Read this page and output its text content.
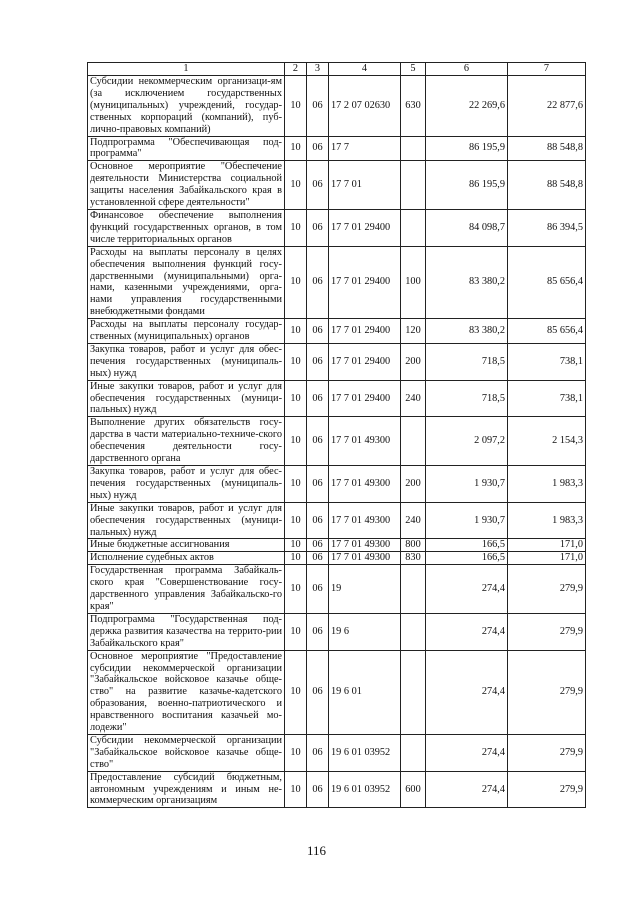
1	2	3	4	5	6	7
Субсидии некоммерческим организаци-ям (за исключением государственных (муниципальных) учреждений, государ-ственных корпораций (компаний), пуб-лично-правовых компаний)	10	06	17 2 07 02630	630	22 269,6	22 877,6
Подпрограмма "Обеспечивающая под-программа"	10	06	17 7		86 195,9	88 548,8
Основное мероприятие "Обеспечение деятельности Министерства социальной защиты населения Забайкальского края в установленной сфере деятельности"	10	06	17 7 01		86 195,9	88 548,8
Финансовое обеспечение выполнения функций государственных органов, в том числе территориальных органов	10	06	17 7 01 29400		84 098,7	86 394,5
Расходы на выплаты персоналу в целях обеспечения выполнения функций госу-дарственными (муниципальными) орга-нами, казенными учреждениями, орга-нами управления государственными внебюджетными фондами	10	06	17 7 01 29400	100	83 380,2	85 656,4
Расходы на выплаты персоналу государ-ственных (муниципальных) органов	10	06	17 7 01 29400	120	83 380,2	85 656,4
Закупка товаров, работ и услуг для обес-печения государственных (муниципаль-ных) нужд	10	06	17 7 01 29400	200	718,5	738,1
Иные закупки товаров, работ и услуг для обеспечения государственных (муници-пальных) нужд	10	06	17 7 01 29400	240	718,5	738,1
Выполнение других обязательств госу-дарства в части материально-техниче-ского обеспечения деятельности госу-дарственного органа	10	06	17 7 01 49300		2 097,2	2 154,3
Закупка товаров, работ и услуг для обес-печения государственных (муниципаль-ных) нужд	10	06	17 7 01 49300	200	1 930,7	1 983,3
Иные закупки товаров, работ и услуг для обеспечения государственных (муници-пальных) нужд	10	06	17 7 01 49300	240	1 930,7	1 983,3
Иные бюджетные ассигнования	10	06	17 7 01 49300	800	166,5	171,0
Исполнение судебных актов	10	06	17 7 01 49300	830	166,5	171,0
Государственная программа Забайкаль-ского края "Совершенствование госу-дарственного управления Забайкальско-го края"	10	06	19		274,4	279,9
Подпрограмма "Государственная под-держка развития казачества на террито-рии Забайкальского края"	10	06	19 6		274,4	279,9
Основное мероприятие "Предоставление субсидии некоммерческой организации "Забайкальское войсковое казачье обще-ство" на развитие казачье-кадетского образования, военно-патриотического и нравственного воспитания казачьей мо-лодежи"	10	06	19 6 01		274,4	279,9
Субсидии некоммерческой организации "Забайкальское войсковое казачье обще-ство"	10	06	19 6 01 03952		274,4	279,9
Предоставление субсидий бюджетным, автономным учреждениям и иным не-коммерческим организациям	10	06	19 6 01 03952	600	274,4	279,9
116
